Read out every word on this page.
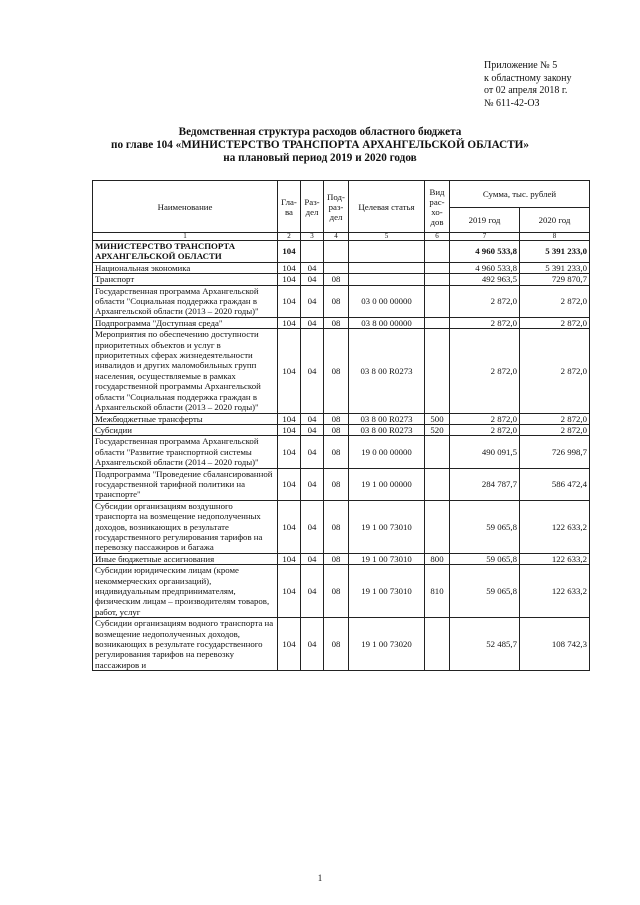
Приложение № 5
к областному закону
от 02 апреля 2018 г.
№ 611-42-ОЗ
Ведомственная структура расходов областного бюджета
по главе 104 «МИНИСТЕРСТВО ТРАНСПОРТА АРХАНГЕЛЬСКОЙ ОБЛАСТИ»
на плановый период 2019 и 2020 годов
Наименование	Гла-ва	Раз-дел	Под-раз-дел	Целевая статья	Вид рас-хо-дов	Сумма, тыс. рублей	
						2019 год	2020 год
1	2	3	4	5	6	7	8
МИНИСТЕРСТВО ТРАНСПОРТА АРХАНГЕЛЬСКОЙ ОБЛАСТИ	104					4 960 533,8	5 391 233,0
Национальная экономика	104	04				4 960 533,8	5 391 233,0
Транспорт	104	04	08			492 963,5	729 870,7
Государственная программа Архангельской области "Социальная поддержка граждан в Архангельской области (2013 – 2020 годы)"	104	04	08	03 0 00 00000		2 872,0	2 872,0
Подпрограмма "Доступная среда"	104	04	08	03 8 00 00000		2 872,0	2 872,0
Мероприятия по обеспечению доступности приоритетных объектов и услуг в приоритетных сферах жизнедеятельности инвалидов и других маломобильных групп населения, осуществляемые в рамках государственной программы Архангельской области "Социальная поддержка граждан в Архангельской области (2013 – 2020 годы)"	104	04	08	03 8 00 R0273		2 872,0	2 872,0
Межбюджетные трансферты	104	04	08	03 8 00 R0273	500	2 872,0	2 872,0
Субсидии	104	04	08	03 8 00 R0273	520	2 872,0	2 872,0
Государственная программа Архангельской области "Развитие транспортной системы Архангельской области (2014 – 2020 годы)"	104	04	08	19 0 00 00000		490 091,5	726 998,7
Подпрограмма "Проведение сбалансированной государственной тарифной политики на транспорте"	104	04	08	19 1 00 00000		284 787,7	586 472,4
Субсидии организациям воздушного транспорта на возмещение недополученных доходов, возникающих в результате государственного регулирования тарифов на перевозку пассажиров и багажа	104	04	08	19 1 00 73010		59 065,8	122 633,2
Иные бюджетные ассигнования	104	04	08	19 1 00 73010	800	59 065,8	122 633,2
Субсидии юридическим лицам (кроме некоммерческих организаций), индивидуальным предпринимателям, физическим лицам – производителям товаров, работ, услуг	104	04	08	19 1 00 73010	810	59 065,8	122 633,2
Субсидии организациям водного транспорта на возмещение недополученных доходов, возникающих в результате государственного регулирования тарифов на перевозку пассажиров и	104	04	08	19 1 00 73020		52 485,7	108 742,3
1
